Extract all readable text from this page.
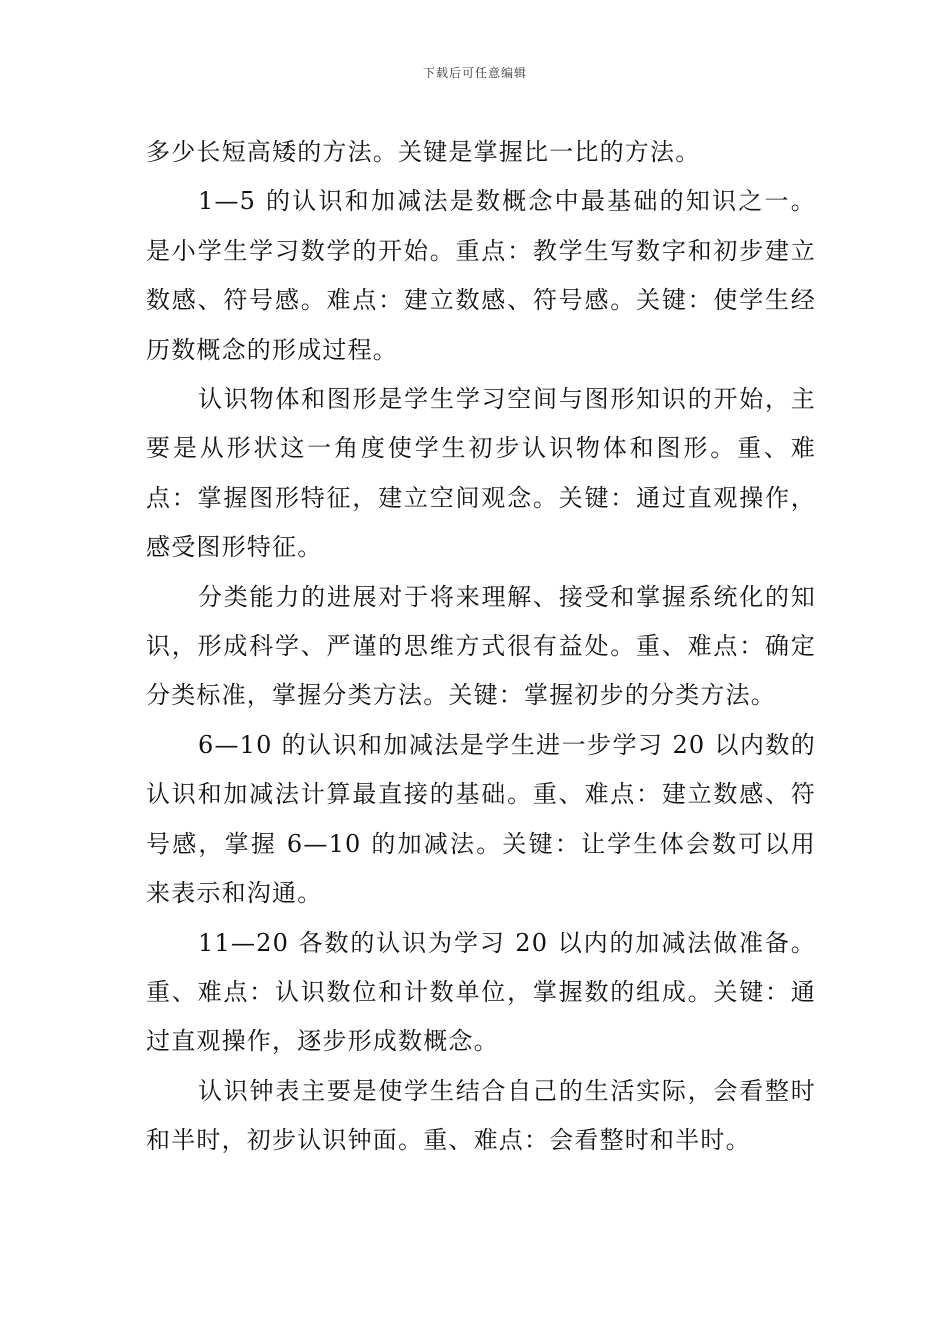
下载后可任意编辑

多少长短高矮的方法。关键是掌握比一比的方法。

1—5 的认识和加减法是数概念中最基础的知识之一。是小学生学习数学的开始。重点：教学生写数字和初步建立数感、符号感。难点：建立数感、符号感。关键：使学生经历数概念的形成过程。

认识物体和图形是学生学习空间与图形知识的开始，主要是从形状这一角度使学生初步认识物体和图形。重、难点：掌握图形特征，建立空间观念。关键：通过直观操作，感受图形特征。

分类能力的进展对于将来理解、接受和掌握系统化的知识，形成科学、严谨的思维方式很有益处。重、难点：确定分类标准，掌握分类方法。关键：掌握初步的分类方法。

6—10 的认识和加减法是学生进一步学习 20 以内数的认识和加减法计算最直接的基础。重、难点：建立数感、符号感，掌握 6—10 的加减法。关键：让学生体会数可以用来表示和沟通。

11—20 各数的认识为学习 20 以内的加减法做准备。重、难点：认识数位和计数单位，掌握数的组成。关键：通过直观操作，逐步形成数概念。

认识钟表主要是使学生结合自己的生活实际，会看整时和半时，初步认识钟面。重、难点：会看整时和半时。
